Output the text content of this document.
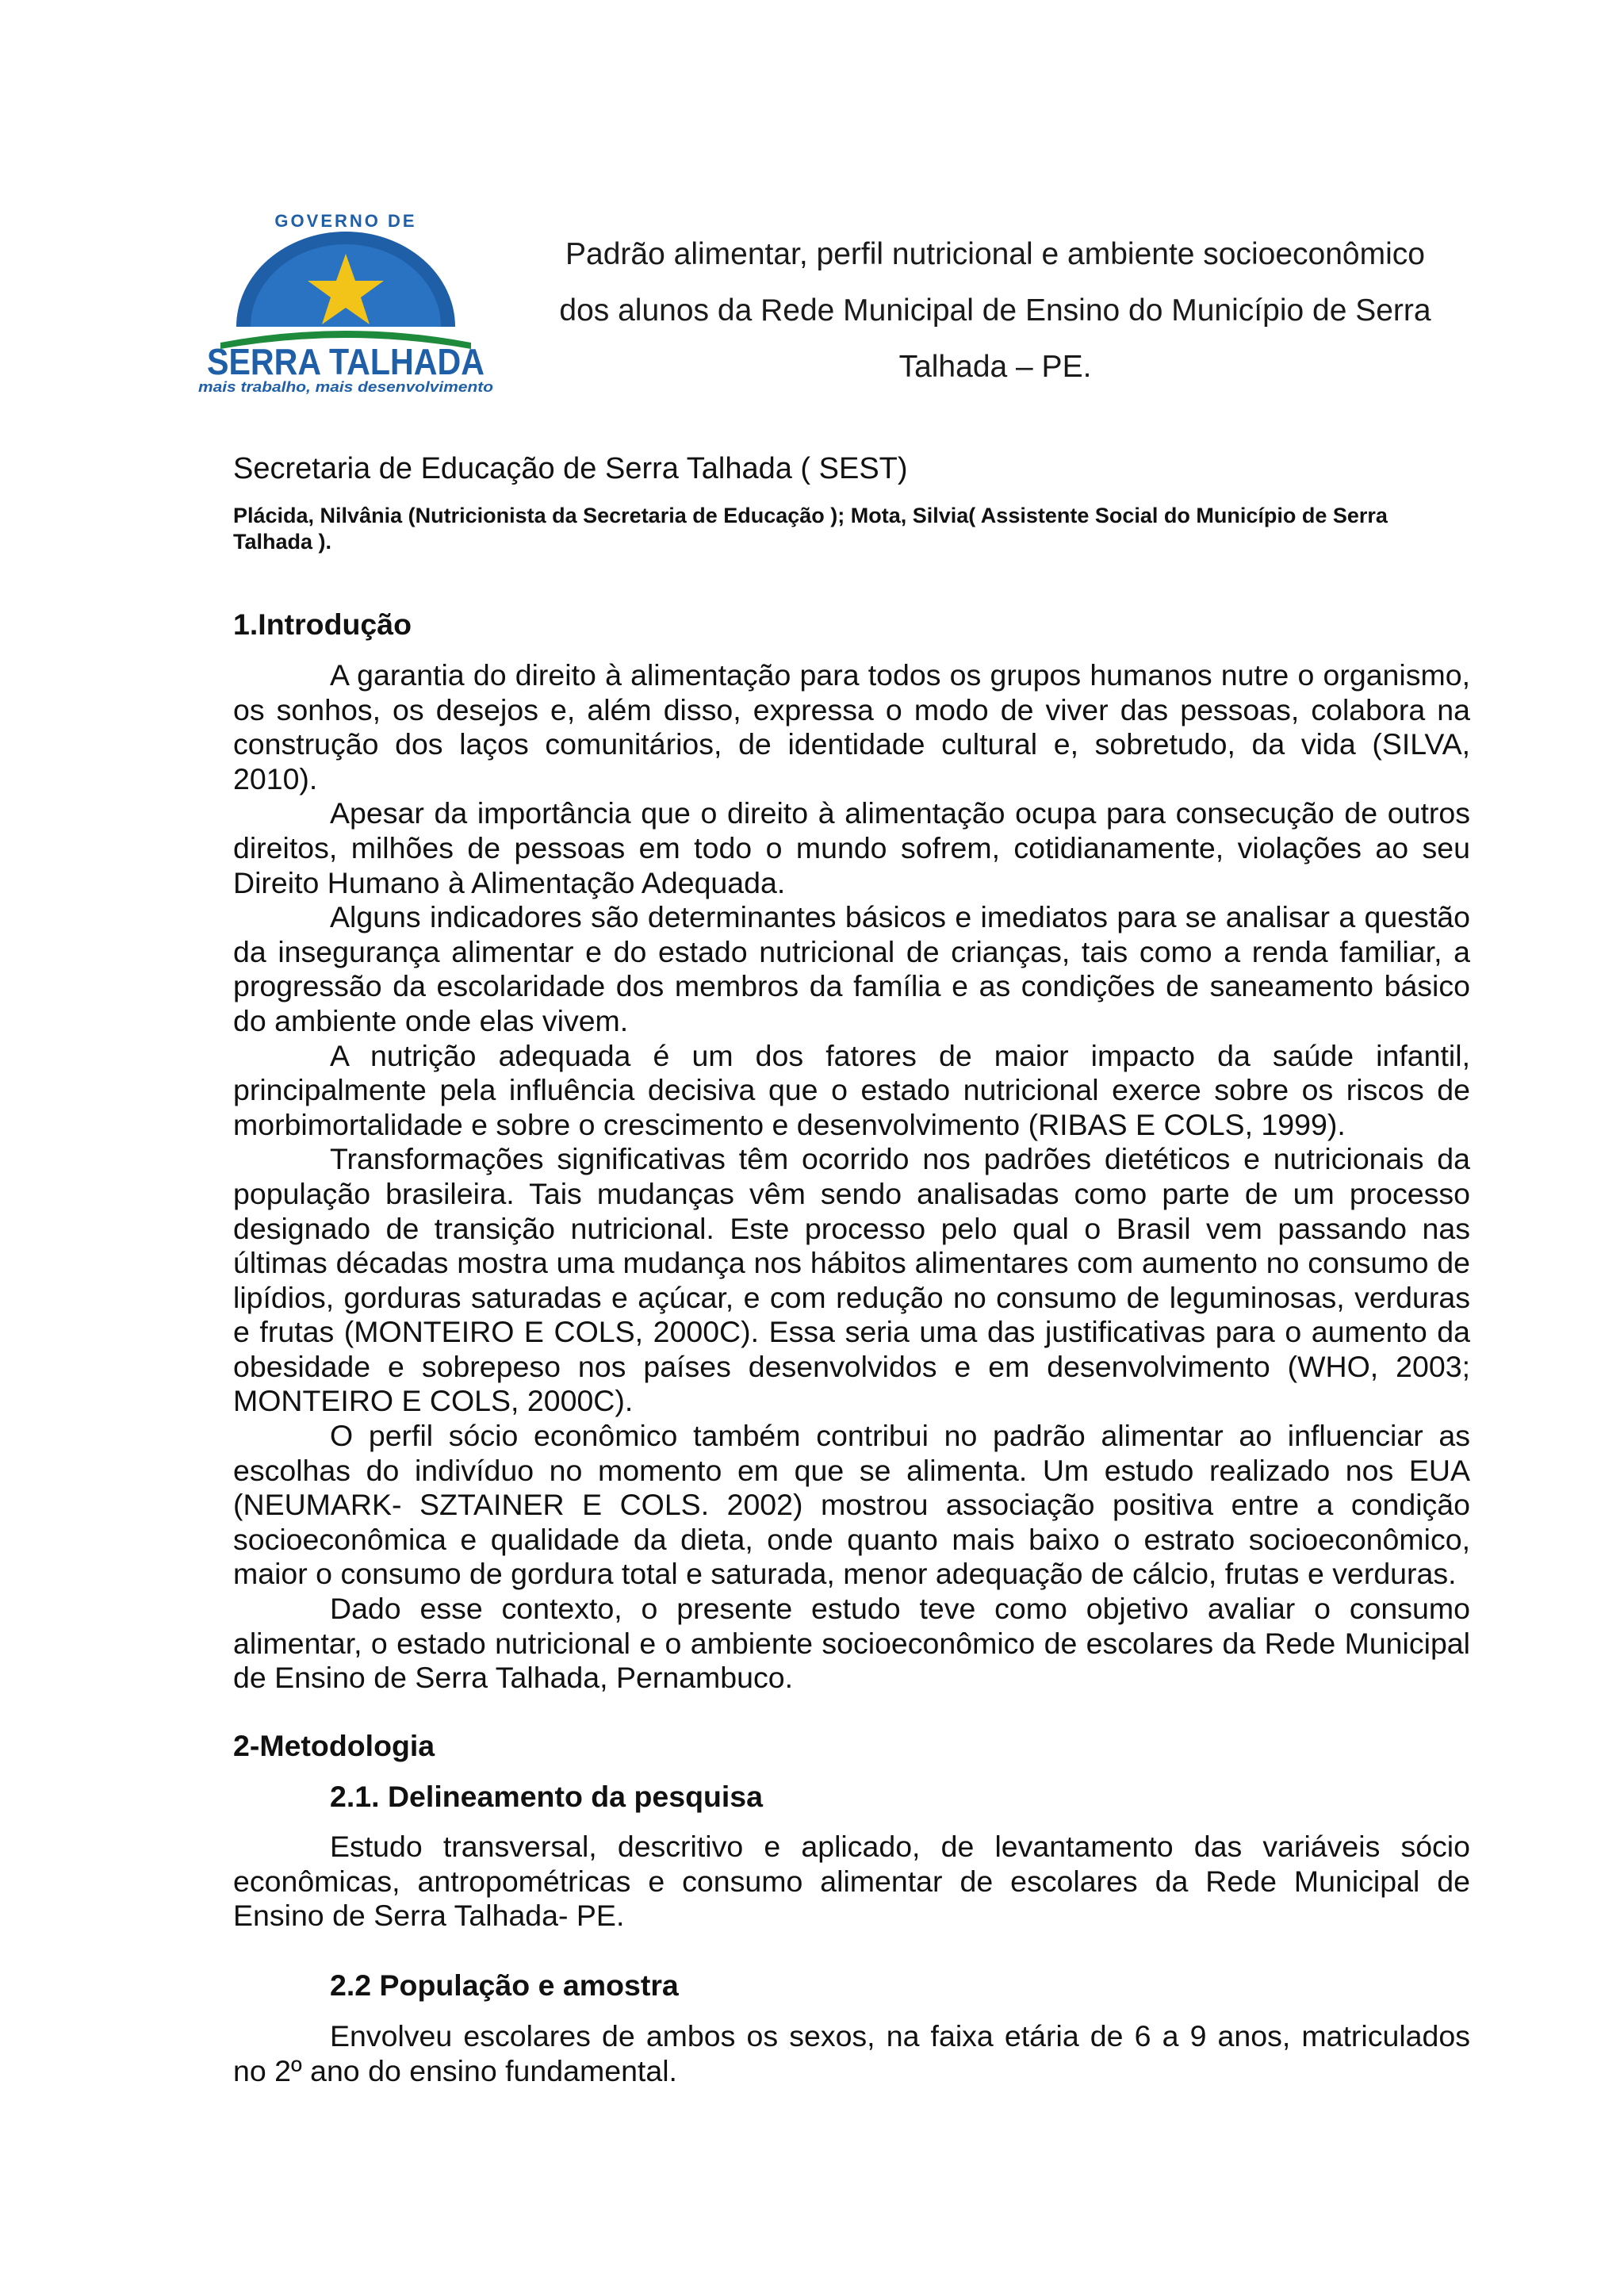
GOVERNO DE
SERRA TALHADA
mais trabalho, mais desenvolvimento
Padrão alimentar, perfil nutricional e ambiente socioeconômico
dos alunos da Rede Municipal de Ensino do Município de Serra
Talhada – PE.
Secretaria de Educação de Serra Talhada ( SEST)
Plácida, Nilvânia (Nutricionista da Secretaria de Educação ); Mota, Silvia( Assistente Social do Município de Serra Talhada ).
1.Introdução

A garantia do direito à alimentação para todos os grupos humanos nutre o organismo, os sonhos, os desejos e, além disso, expressa o modo de viver das pessoas, colabora na construção dos laços comunitários, de identidade cultural e, sobretudo, da vida (SILVA, 2010).

Apesar da importância que o direito à alimentação ocupa para consecução de outros direitos, milhões de pessoas em todo o mundo sofrem, cotidianamente, violações ao seu Direito Humano à Alimentação Adequada.

Alguns indicadores são determinantes básicos e imediatos para se analisar a questão da insegurança alimentar e do estado nutricional de crianças, tais como a renda familiar, a progressão da escolaridade dos membros da família e as condições de saneamento básico do ambiente onde elas vivem.

A nutrição adequada é um dos fatores de maior impacto da saúde infantil, principalmente pela influência decisiva que o estado nutricional exerce sobre os riscos de morbimortalidade e sobre o crescimento e desenvolvimento (RIBAS E COLS, 1999).

Transformações significativas têm ocorrido nos padrões dietéticos e nutricionais da população brasileira. Tais mudanças vêm sendo analisadas como parte de um processo designado de transição nutricional. Este processo pelo qual o Brasil vem passando nas últimas décadas mostra uma mudança nos hábitos alimentares com aumento no consumo de lipídios, gorduras saturadas e açúcar, e com redução no consumo de leguminosas, verduras e frutas (MONTEIRO E COLS, 2000C). Essa seria uma das justificativas para o aumento da obesidade e sobrepeso nos países desenvolvidos e em desenvolvimento (WHO, 2003; MONTEIRO E COLS, 2000C).

O perfil sócio econômico também contribui no padrão alimentar ao influenciar as escolhas do indivíduo no momento em que se alimenta. Um estudo realizado nos EUA (NEUMARK- SZTAINER E COLS. 2002) mostrou associação positiva entre a condição socioeconômica e qualidade da dieta, onde quanto mais baixo o estrato socioeconômico, maior o consumo de gordura total e saturada, menor adequação de cálcio, frutas e verduras.

Dado esse contexto, o presente estudo teve como objetivo avaliar o consumo alimentar, o estado nutricional e o ambiente socioeconômico de escolares da Rede Municipal de Ensino de Serra Talhada, Pernambuco.

2-Metodologia
2.1. Delineamento da pesquisa

Estudo transversal, descritivo e aplicado, de levantamento das variáveis sócio econômicas, antropométricas e consumo alimentar de escolares da Rede Municipal de Ensino de Serra Talhada- PE.

2.2 População e amostra

Envolveu escolares de ambos os sexos, na faixa etária de 6 a 9 anos, matriculados no 2º ano do ensino fundamental.
